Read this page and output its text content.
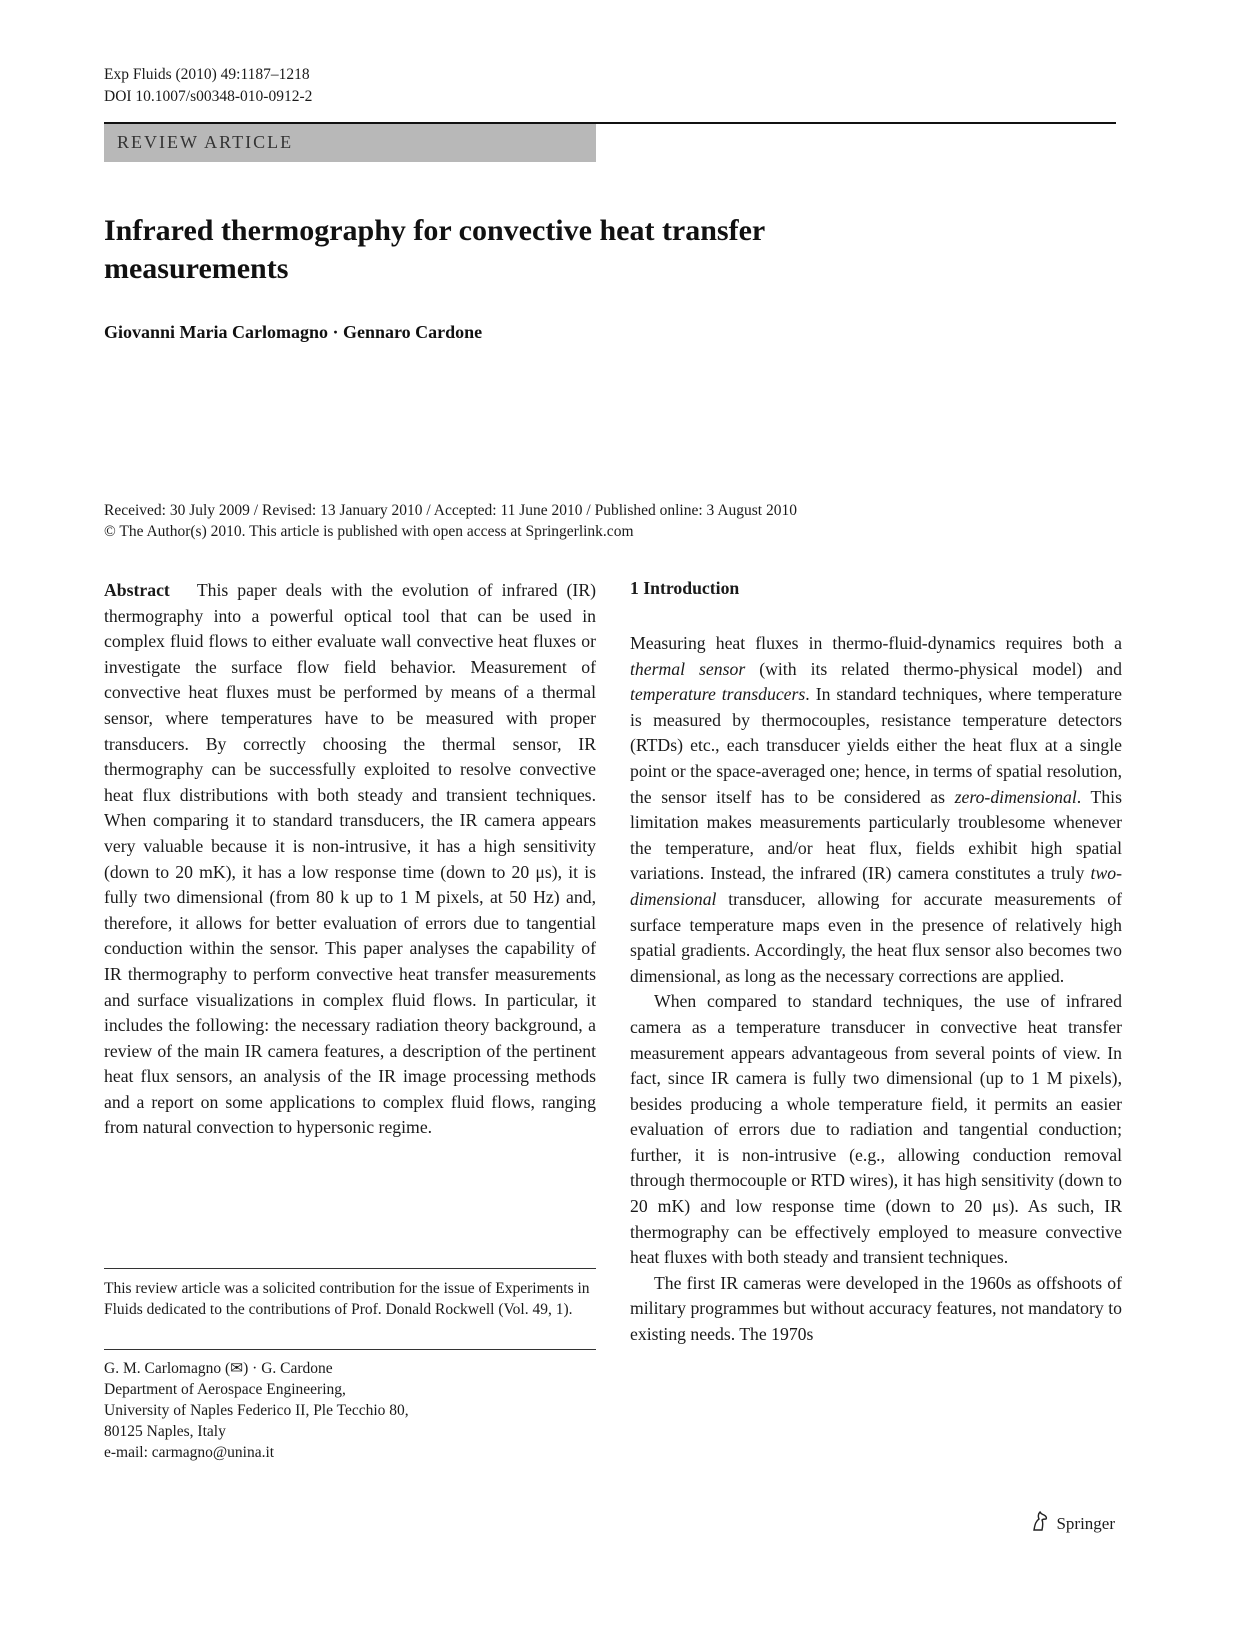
Exp Fluids (2010) 49:1187–1218
DOI 10.1007/s00348-010-0912-2
REVIEW ARTICLE
Infrared thermography for convective heat transfer measurements
Giovanni Maria Carlomagno · Gennaro Cardone
Received: 30 July 2009 / Revised: 13 January 2010 / Accepted: 11 June 2010 / Published online: 3 August 2010
© The Author(s) 2010. This article is published with open access at Springerlink.com
Abstract This paper deals with the evolution of infrared (IR) thermography into a powerful optical tool that can be used in complex fluid flows to either evaluate wall convective heat fluxes or investigate the surface flow field behavior. Measurement of convective heat fluxes must be performed by means of a thermal sensor, where temperatures have to be measured with proper transducers. By correctly choosing the thermal sensor, IR thermography can be successfully exploited to resolve convective heat flux distributions with both steady and transient techniques. When comparing it to standard transducers, the IR camera appears very valuable because it is non-intrusive, it has a high sensitivity (down to 20 mK), it has a low response time (down to 20 μs), it is fully two dimensional (from 80 k up to 1 M pixels, at 50 Hz) and, therefore, it allows for better evaluation of errors due to tangential conduction within the sensor. This paper analyses the capability of IR thermography to perform convective heat transfer measurements and surface visualizations in complex fluid flows. In particular, it includes the following: the necessary radiation theory background, a review of the main IR camera features, a description of the pertinent heat flux sensors, an analysis of the IR image processing methods and a report on some applications to complex fluid flows, ranging from natural convection to hypersonic regime.
This review article was a solicited contribution for the issue of Experiments in Fluids dedicated to the contributions of Prof. Donald Rockwell (Vol. 49, 1).
G. M. Carlomagno (✉) · G. Cardone
Department of Aerospace Engineering,
University of Naples Federico II, Ple Tecchio 80,
80125 Naples, Italy
e-mail: carmagno@unina.it
1 Introduction

Measuring heat fluxes in thermo-fluid-dynamics requires both a thermal sensor (with its related thermo-physical model) and temperature transducers. In standard techniques, where temperature is measured by thermocouples, resistance temperature detectors (RTDs) etc., each transducer yields either the heat flux at a single point or the space-averaged one; hence, in terms of spatial resolution, the sensor itself has to be considered as zero-dimensional. This limitation makes measurements particularly troublesome whenever the temperature, and/or heat flux, fields exhibit high spatial variations. Instead, the infrared (IR) camera constitutes a truly two-dimensional transducer, allowing for accurate measurements of surface temperature maps even in the presence of relatively high spatial gradients. Accordingly, the heat flux sensor also becomes two dimensional, as long as the necessary corrections are applied.

When compared to standard techniques, the use of infrared camera as a temperature transducer in convective heat transfer measurement appears advantageous from several points of view. In fact, since IR camera is fully two dimensional (up to 1 M pixels), besides producing a whole temperature field, it permits an easier evaluation of errors due to radiation and tangential conduction; further, it is non-intrusive (e.g., allowing conduction removal through thermocouple or RTD wires), it has high sensitivity (down to 20 mK) and low response time (down to 20 μs). As such, IR thermography can be effectively employed to measure convective heat fluxes with both steady and transient techniques.

The first IR cameras were developed in the 1960s as offshoots of military programmes but without accuracy features, not mandatory to existing needs. The 1970s

Springer
